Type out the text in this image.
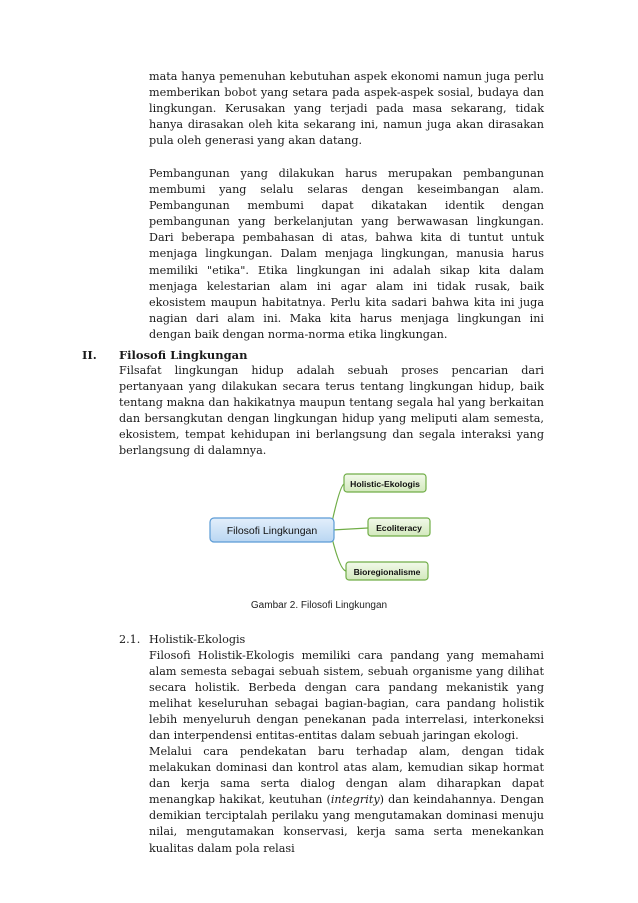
mata hanya pemenuhan kebutuhan aspek ekonomi namun juga perlu memberikan bobot yang setara pada aspek-aspek sosial, budaya dan lingkungan. Kerusakan yang terjadi pada masa sekarang, tidak hanya dirasakan oleh kita sekarang ini, namun juga akan dirasakan pula oleh generasi yang akan datang.

Pembangunan yang dilakukan harus merupakan pembangunan membumi yang selalu selaras dengan keseimbangan alam. Pembangunan membumi dapat dikatakan identik dengan pembangunan yang berkelanjutan yang berwawasan lingkungan. Dari beberapa pembahasan di atas, bahwa kita di tuntut untuk menjaga lingkungan. Dalam menjaga lingkungan, manusia harus memiliki "etika". Etika lingkungan ini adalah sikap kita dalam menjaga kelestarian alam ini agar alam ini tidak rusak, baik ekosistem maupun habitatnya. Perlu kita sadari bahwa kita ini juga nagian dari alam ini. Maka kita harus menjaga lingkungan ini dengan baik dengan norma-norma etika lingkungan.

II. Filosofi Lingkungan

Filsafat lingkungan hidup adalah sebuah proses pencarian dari pertanyaan yang dilakukan secara terus tentang lingkungan hidup, baik tentang makna dan hakikatnya maupun tentang segala hal yang berkaitan dan bersangkutan dengan lingkungan hidup yang meliputi alam semesta, ekosistem, tempat kehidupan ini berlangsung dan segala interaksi yang berlangsung di dalamnya.

Filosofi Lingkungan
Holistic-Ekologis
Ecoliteracy
Bioregionalisme
Gambar 2. Filosofi Lingkungan
2.1. Holistik-Ekologis

Filosofi Holistik-Ekologis memiliki cara pandang yang memahami alam semesta sebagai sebuah sistem, sebuah organisme yang dilihat secara holistik. Berbeda dengan cara pandang mekanistik yang melihat keseluruhan sebagai bagian-bagian, cara pandang holistik lebih menyeluruh dengan penekanan pada interrelasi, interkoneksi dan interpendensi entitas-entitas dalam sebuah jaringan ekologi.

Melalui cara pendekatan baru terhadap alam, dengan tidak melakukan dominasi dan kontrol atas alam, kemudian sikap hormat dan kerja sama serta dialog dengan alam diharapkan dapat menangkap hakikat, keutuhan (integrity) dan keindahannya. Dengan demikian terciptalah perilaku yang mengutamakan dominasi menuju nilai, mengutamakan konservasi, kerja sama serta menekankan kualitas dalam pola relasi
